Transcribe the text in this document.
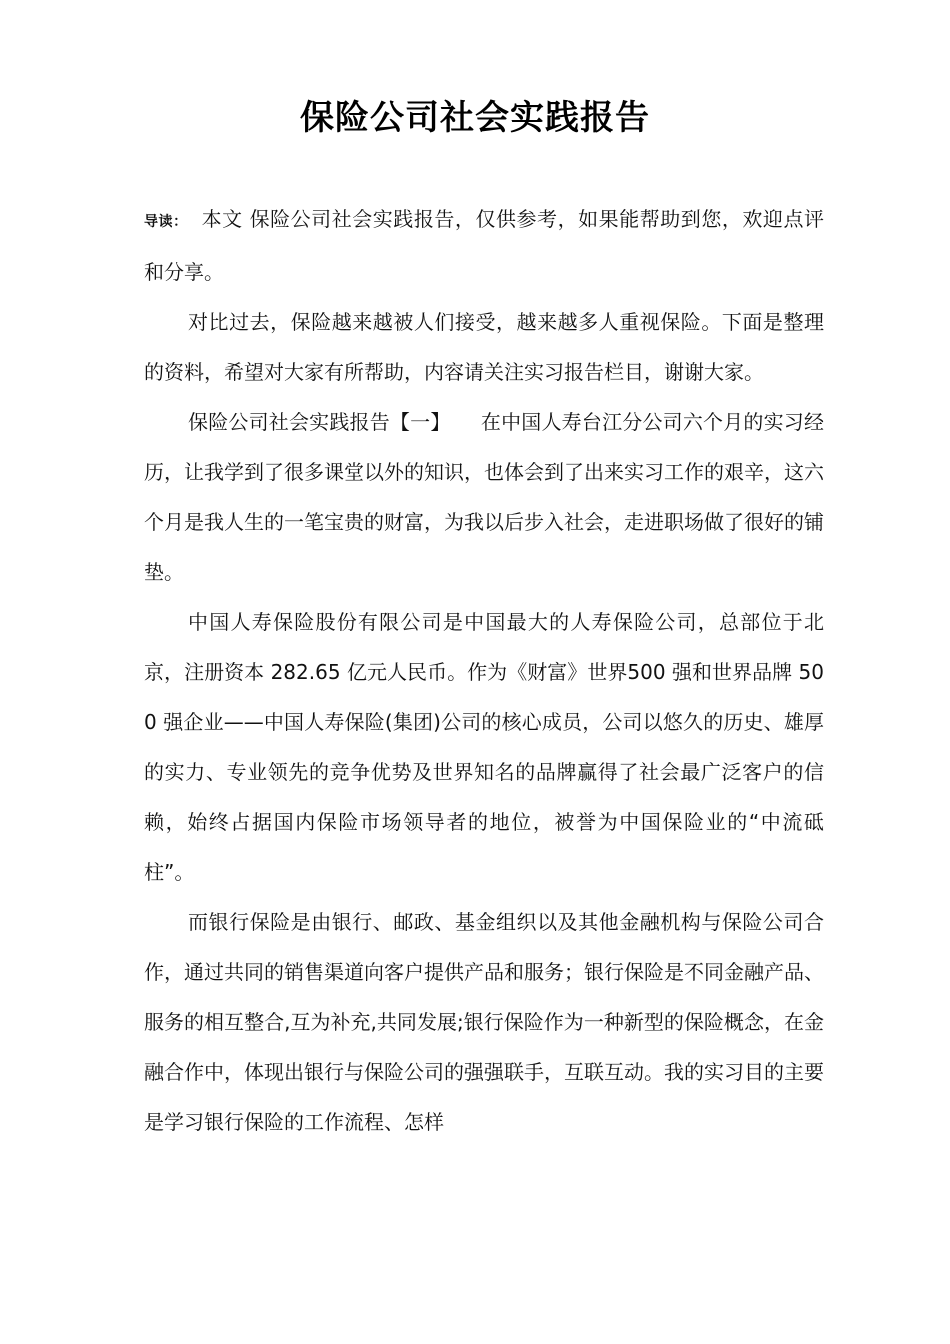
保险公司社会实践报告

导读： 本文 保险公司社会实践报告，仅供参考，如果能帮助到您，欢迎点评和分享。

对比过去，保险越来越被人们接受，越来越多人重视保险。下面是整理的资料，希望对大家有所帮助，内容请关注实习报告栏目，谢谢大家。

保险公司社会实践报告【一】　　在中国人寿台江分公司六个月的实习经历，让我学到了很多课堂以外的知识，也体会到了出来实习工作的艰辛，这六个月是我人生的一笔宝贵的财富，为我以后步入社会，走进职场做了很好的铺垫。

中国人寿保险股份有限公司是中国最大的人寿保险公司，总部位于北京，注册资本 282.65 亿元人民币。作为《财富》世界500 强和世界品牌 500 强企业——中国人寿保险(集团)公司的核心成员，公司以悠久的历史、雄厚的实力、专业领先的竞争优势及世界知名的品牌赢得了社会最广泛客户的信赖，始终占据国内保险市场领导者的地位，被誉为中国保险业的“中流砥柱”。

而银行保险是由银行、邮政、基金组织以及其他金融机构与保险公司合作，通过共同的销售渠道向客户提供产品和服务；银行保险是不同金融产品、服务的相互整合,互为补充,共同发展;银行保险作为一种新型的保险概念，在金融合作中，体现出银行与保险公司的强强联手，互联互动。我的实习目的主要是学习银行保险的工作流程、怎样
